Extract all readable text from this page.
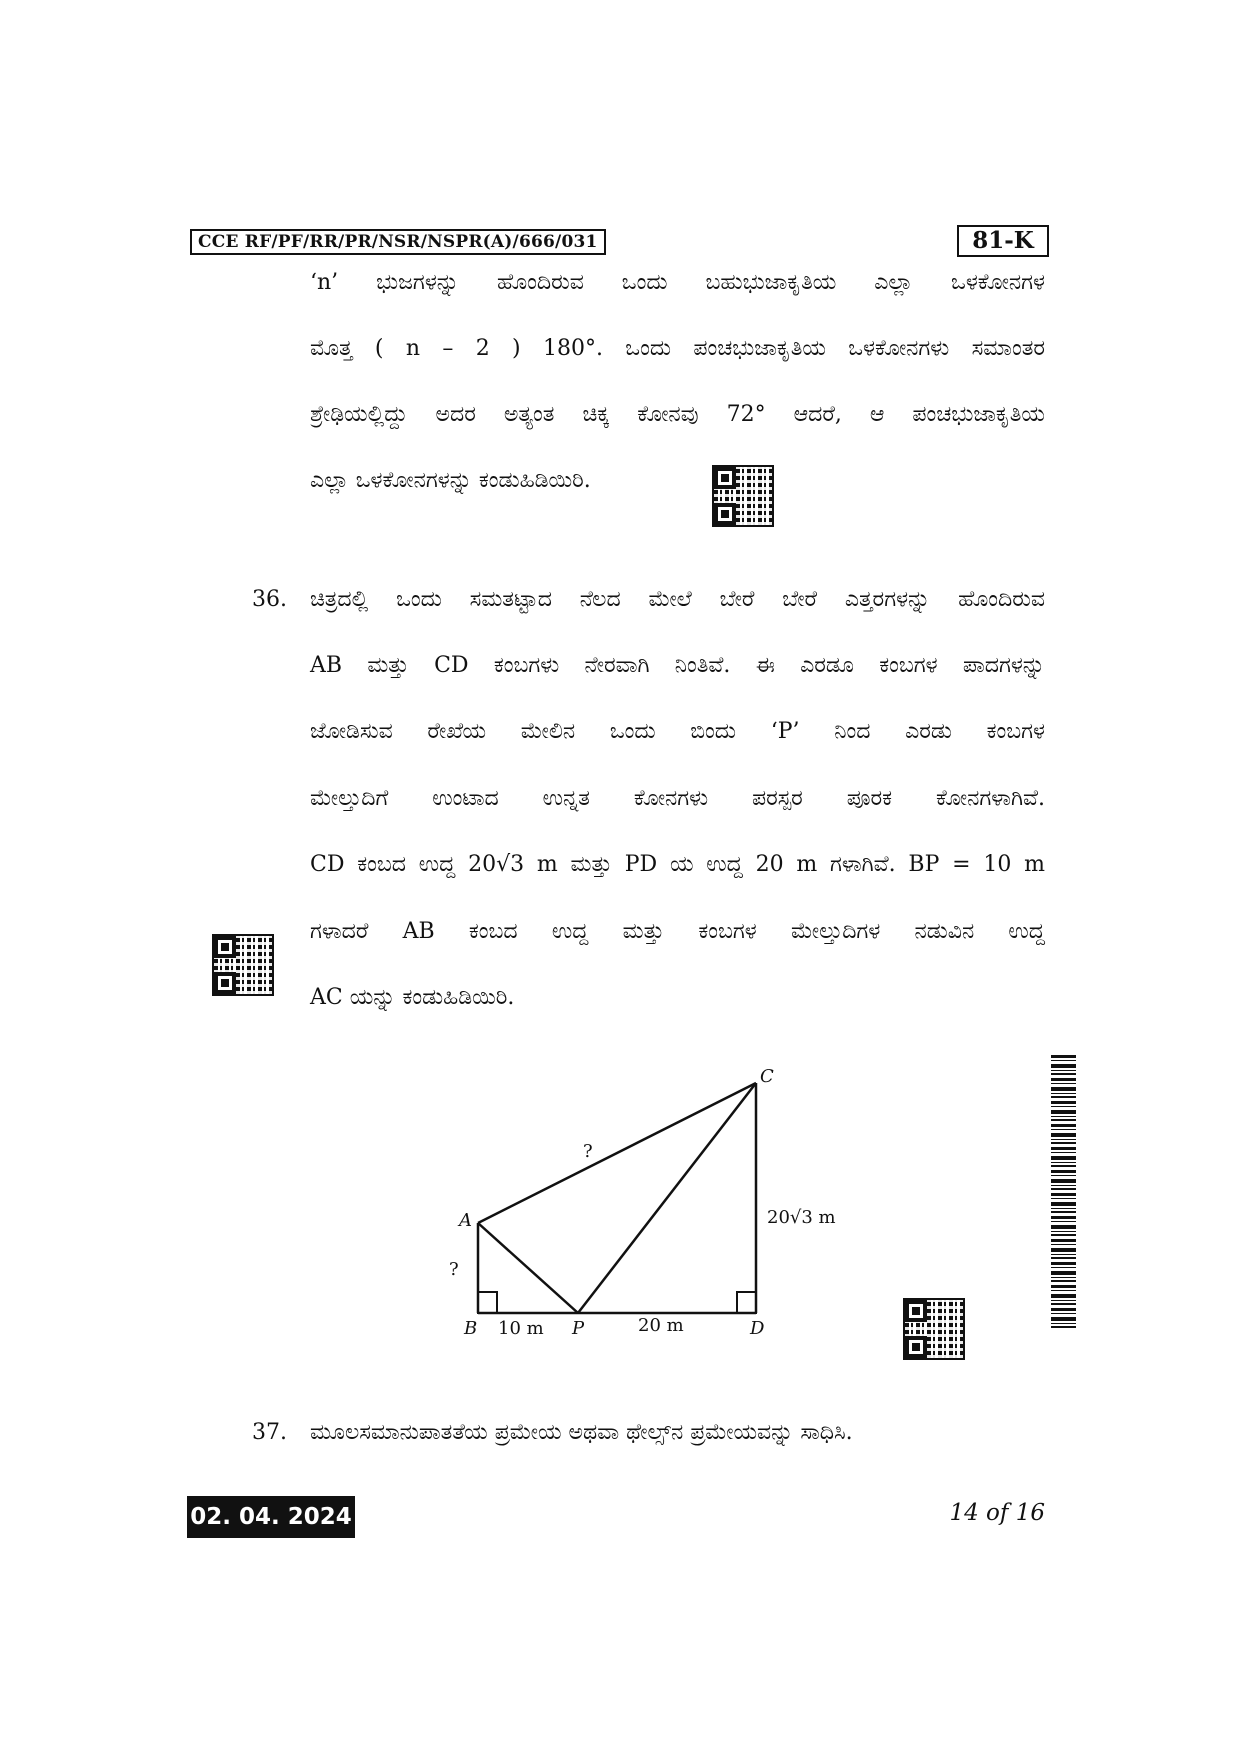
CCE RF/PF/RR/PR/NSR/NSPR(A)/666/031	81-K
‘n’ ಭುಜಗಳನ್ನು ಹೊಂದಿರುವ ಒಂದು ಬಹುಭುಜಾಕೃತಿಯ ಎಲ್ಲಾ ಒಳಕೋನಗಳ
ಮೊತ್ತ ( n – 2 ) 180°. ಒಂದು ಪಂಚಭುಜಾಕೃತಿಯ ಒಳಕೋನಗಳು ಸಮಾಂತರ
ಶ್ರೇಢಿಯಲ್ಲಿದ್ದು ಅದರ ಅತ್ಯಂತ ಚಿಕ್ಕ ಕೋನವು 72° ಆದರೆ, ಆ ಪಂಚಭುಜಾಕೃತಿಯ
ಎಲ್ಲಾ ಒಳಕೋನಗಳನ್ನು ಕಂಡುಹಿಡಿಯಿರಿ.
36. ಚಿತ್ರದಲ್ಲಿ ಒಂದು ಸಮತಟ್ಟಾದ ನೆಲದ ಮೇಲೆ ಬೇರೆ ಬೇರೆ ಎತ್ತರಗಳನ್ನು ಹೊಂದಿರುವ
AB ಮತ್ತು CD ಕಂಬಗಳು ನೇರವಾಗಿ ನಿಂತಿವೆ. ಈ ಎರಡೂ ಕಂಬಗಳ ಪಾದಗಳನ್ನು
ಜೋಡಿಸುವ ರೇಖೆಯ ಮೇಲಿನ ಒಂದು ಬಿಂದು ‘P’ ನಿಂದ ಎರಡು ಕಂಬಗಳ
ಮೇಲ್ತುದಿಗೆ ಉಂಟಾದ ಉನ್ನತ ಕೋನಗಳು ಪರಸ್ಪರ ಪೂರಕ ಕೋನಗಳಾಗಿವೆ.
CD ಕಂಬದ ಉದ್ದ 20√3 m ಮತ್ತು PD ಯ ಉದ್ದ 20 m ಗಳಾಗಿವೆ. BP = 10 m
ಗಳಾದರೆ AB ಕಂಬದ ಉದ್ದ ಮತ್ತು ಕಂಬಗಳ ಮೇಲ್ತುದಿಗಳ ನಡುವಿನ ಉದ್ದ
AC ಯನ್ನು ಕಂಡುಹಿಡಿಯಿರಿ.
A
B
C
D
P
?
?
10 m	20 m
20√3 m
37. ಮೂಲಸಮಾನುಪಾತತೆಯ ಪ್ರಮೇಯ ಅಥವಾ ಥೇಲ್ಸ್‌ನ ಪ್ರಮೇಯವನ್ನು ಸಾಧಿಸಿ.
02. 04. 2024	14 of 16
